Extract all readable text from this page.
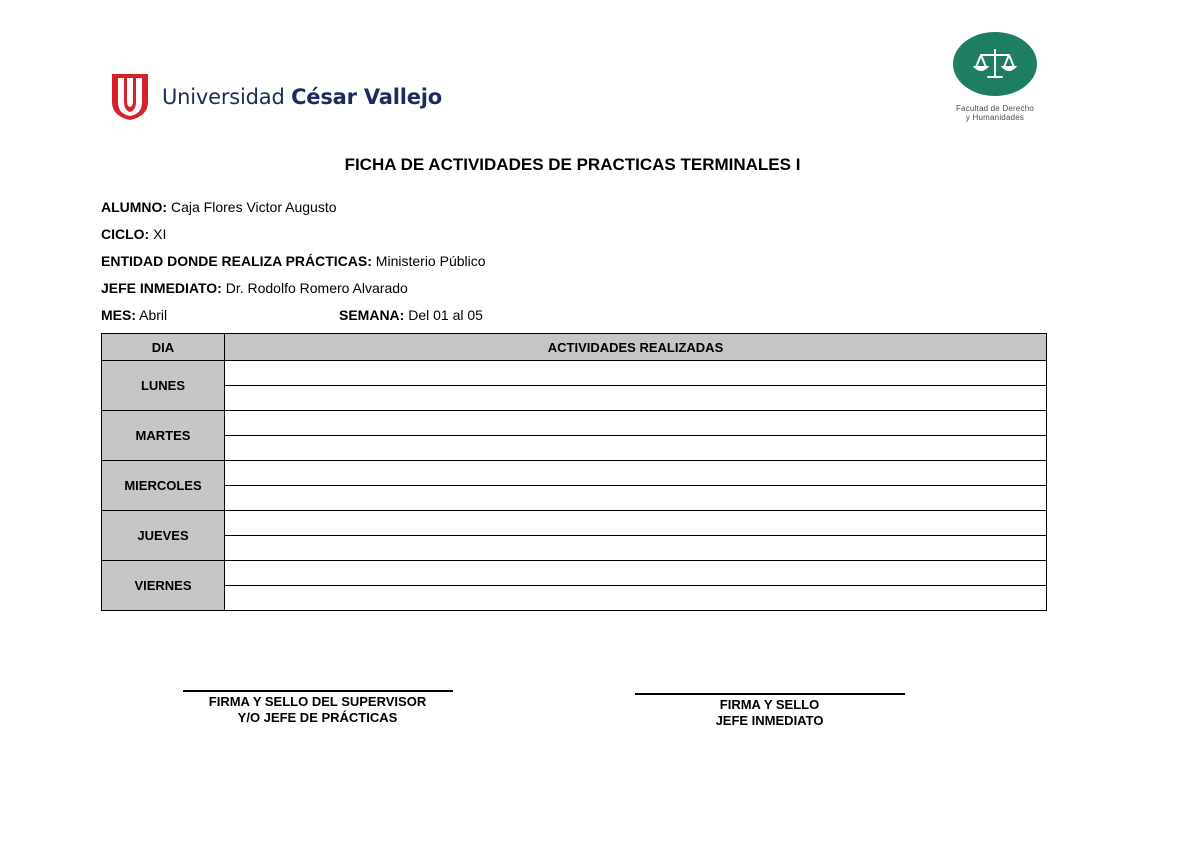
Universidad César Vallejo	Facultad de Derecho
y Humanidades
FICHA DE ACTIVIDADES DE PRACTICAS TERMINALES I
ALUMNO: Caja Flores Victor Augusto
CICLO: XI
ENTIDAD DONDE REALIZA PRÁCTICAS: Ministerio Público
JEFE INMEDIATO: Dr. Rodolfo Romero Alvarado
MES: Abril	SEMANA: Del 01 al 05
DIA	ACTIVIDADES REALIZADAS
LUNES	

MARTES	

MIERCOLES	

JUEVES	

VIERNES	

FIRMA Y SELLO DEL SUPERVISOR
Y/O JEFE DE PRÁCTICAS
FIRMA Y SELLO
JEFE INMEDIATO
